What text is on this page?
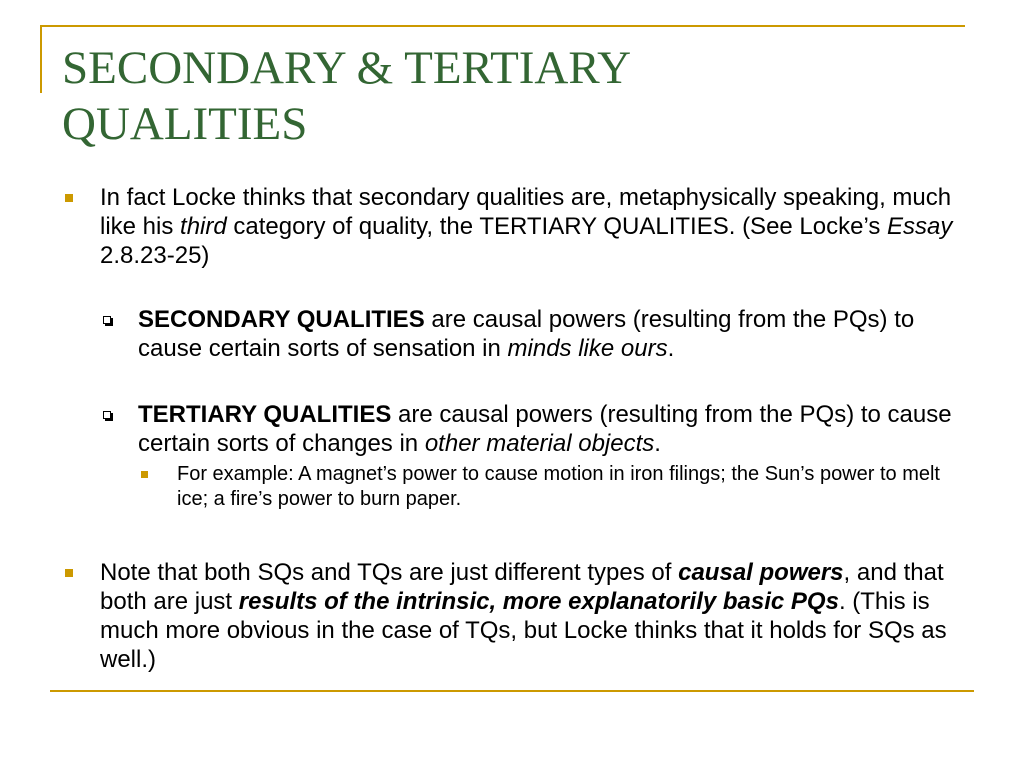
SECONDARY & TERTIARY
QUALITIES
In fact Locke thinks that secondary qualities are, metaphysically speaking, much like his third category of quality, the TERTIARY QUALITIES. (See Locke’s Essay 2.8.23-25)
SECONDARY QUALITIES are causal powers (resulting from the PQs) to cause certain sorts of sensation in minds like ours.
TERTIARY QUALITIES are causal powers (resulting from the PQs) to cause certain sorts of changes in other material objects.
For example: A magnet’s power to cause motion in iron filings; the Sun’s power to melt ice; a fire’s power to burn paper.
Note that both SQs and TQs are just different types of causal powers, and that both are just results of the intrinsic, more explanatorily basic PQs. (This is much more obvious in the case of TQs, but Locke thinks that it holds for SQs as well.)
